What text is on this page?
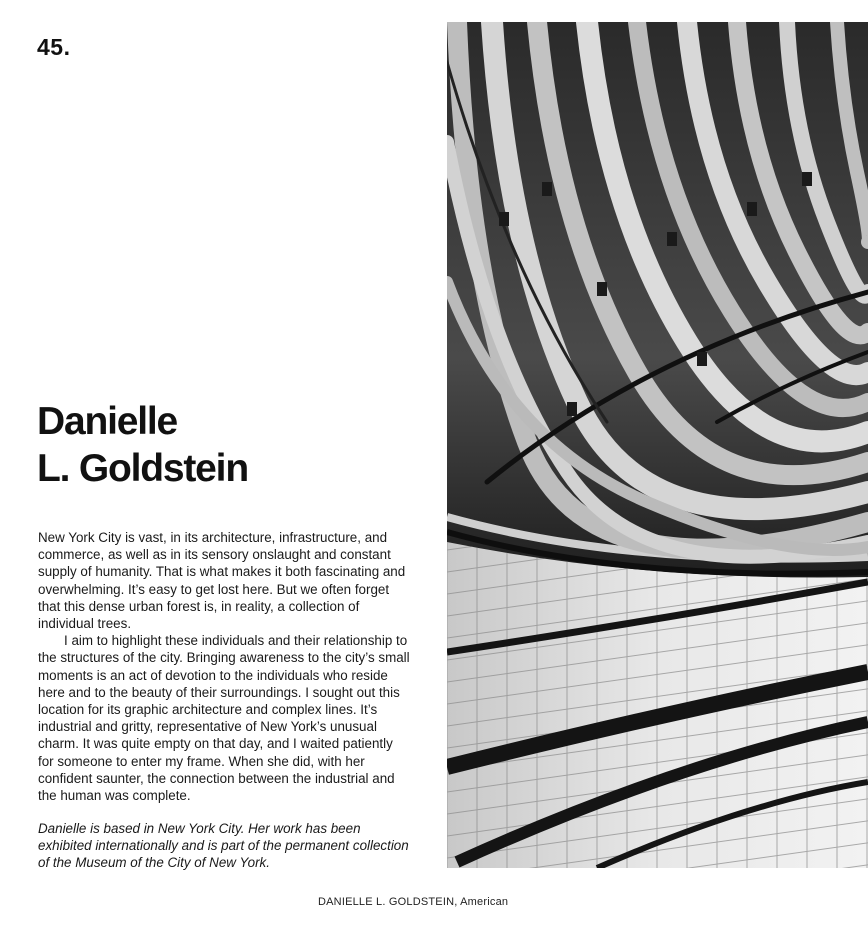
45.
Danielle
L. Goldstein

New York City is vast, in its architecture, infrastructure, and commerce, as well as in its sensory onslaught and constant supply of humanity. That is what makes it both fascinating and overwhelming. It’s easy to get lost here. But we often forget that this dense urban forest is, in reality, a collection of individual trees.

I aim to highlight these individuals and their relationship to the structures of the city. Bringing awareness to the city’s small moments is an act of devotion to the individuals who reside here and to the beauty of their surroundings. I sought out this location for its graphic architecture and complex lines. It’s industrial and gritty, representative of New York’s unusual charm. It was quite empty on that day, and I waited patiently for someone to enter my frame. When she did, with her confident saunter, the connection between the industrial and the human was complete.

Danielle is based in New York City. Her work has been exhibited internationally and is part of the permanent collection of the Museum of the City of New York.

DANIELLE L. GOLDSTEIN, American
